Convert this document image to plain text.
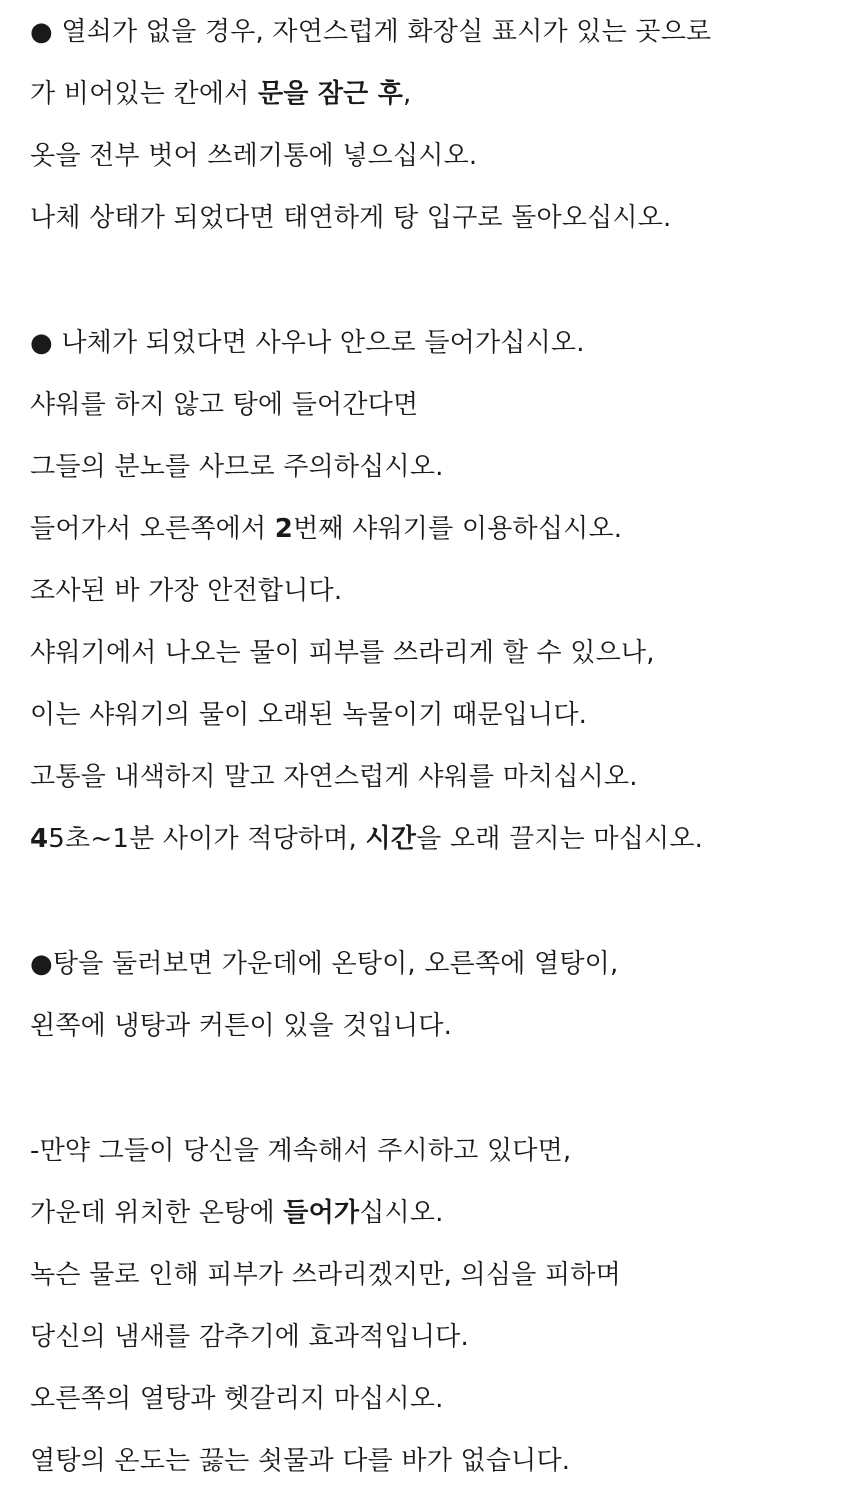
● 열쇠가 없을 경우, 자연스럽게 화장실 표시가 있는 곳으로
가 비어있는 칸에서 문을 잠근 후,
옷을 전부 벗어 쓰레기통에 넣으십시오.
나체 상태가 되었다면 태연하게 탕 입구로 돌아오십시오.
● 나체가 되었다면 사우나 안으로 들어가십시오.
샤워를 하지 않고 탕에 들어간다면
그들의 분노를 사므로 주의하십시오.
들어가서 오른쪽에서 2번째 샤워기를 이용하십시오.
조사된 바 가장 안전합니다.
샤워기에서 나오는 물이 피부를 쓰라리게 할 수 있으나,
이는 샤워기의 물이 오래된 녹물이기 때문입니다.
고통을 내색하지 말고 자연스럽게 샤워를 마치십시오.
45초~1분 사이가 적당하며, 시간을 오래 끌지는 마십시오.
●탕을 둘러보면 가운데에 온탕이, 오른쪽에 열탕이,
왼쪽에 냉탕과 커튼이 있을 것입니다.
-만약 그들이 당신을 계속해서 주시하고 있다면,
가운데 위치한 온탕에 들어가십시오.
녹슨 물로 인해 피부가 쓰라리겠지만, 의심을 피하며
당신의 냄새를 감추기에 효과적입니다.
오른쪽의 열탕과 헷갈리지 마십시오.
열탕의 온도는 끓는 쇳물과 다를 바가 없습니다.
